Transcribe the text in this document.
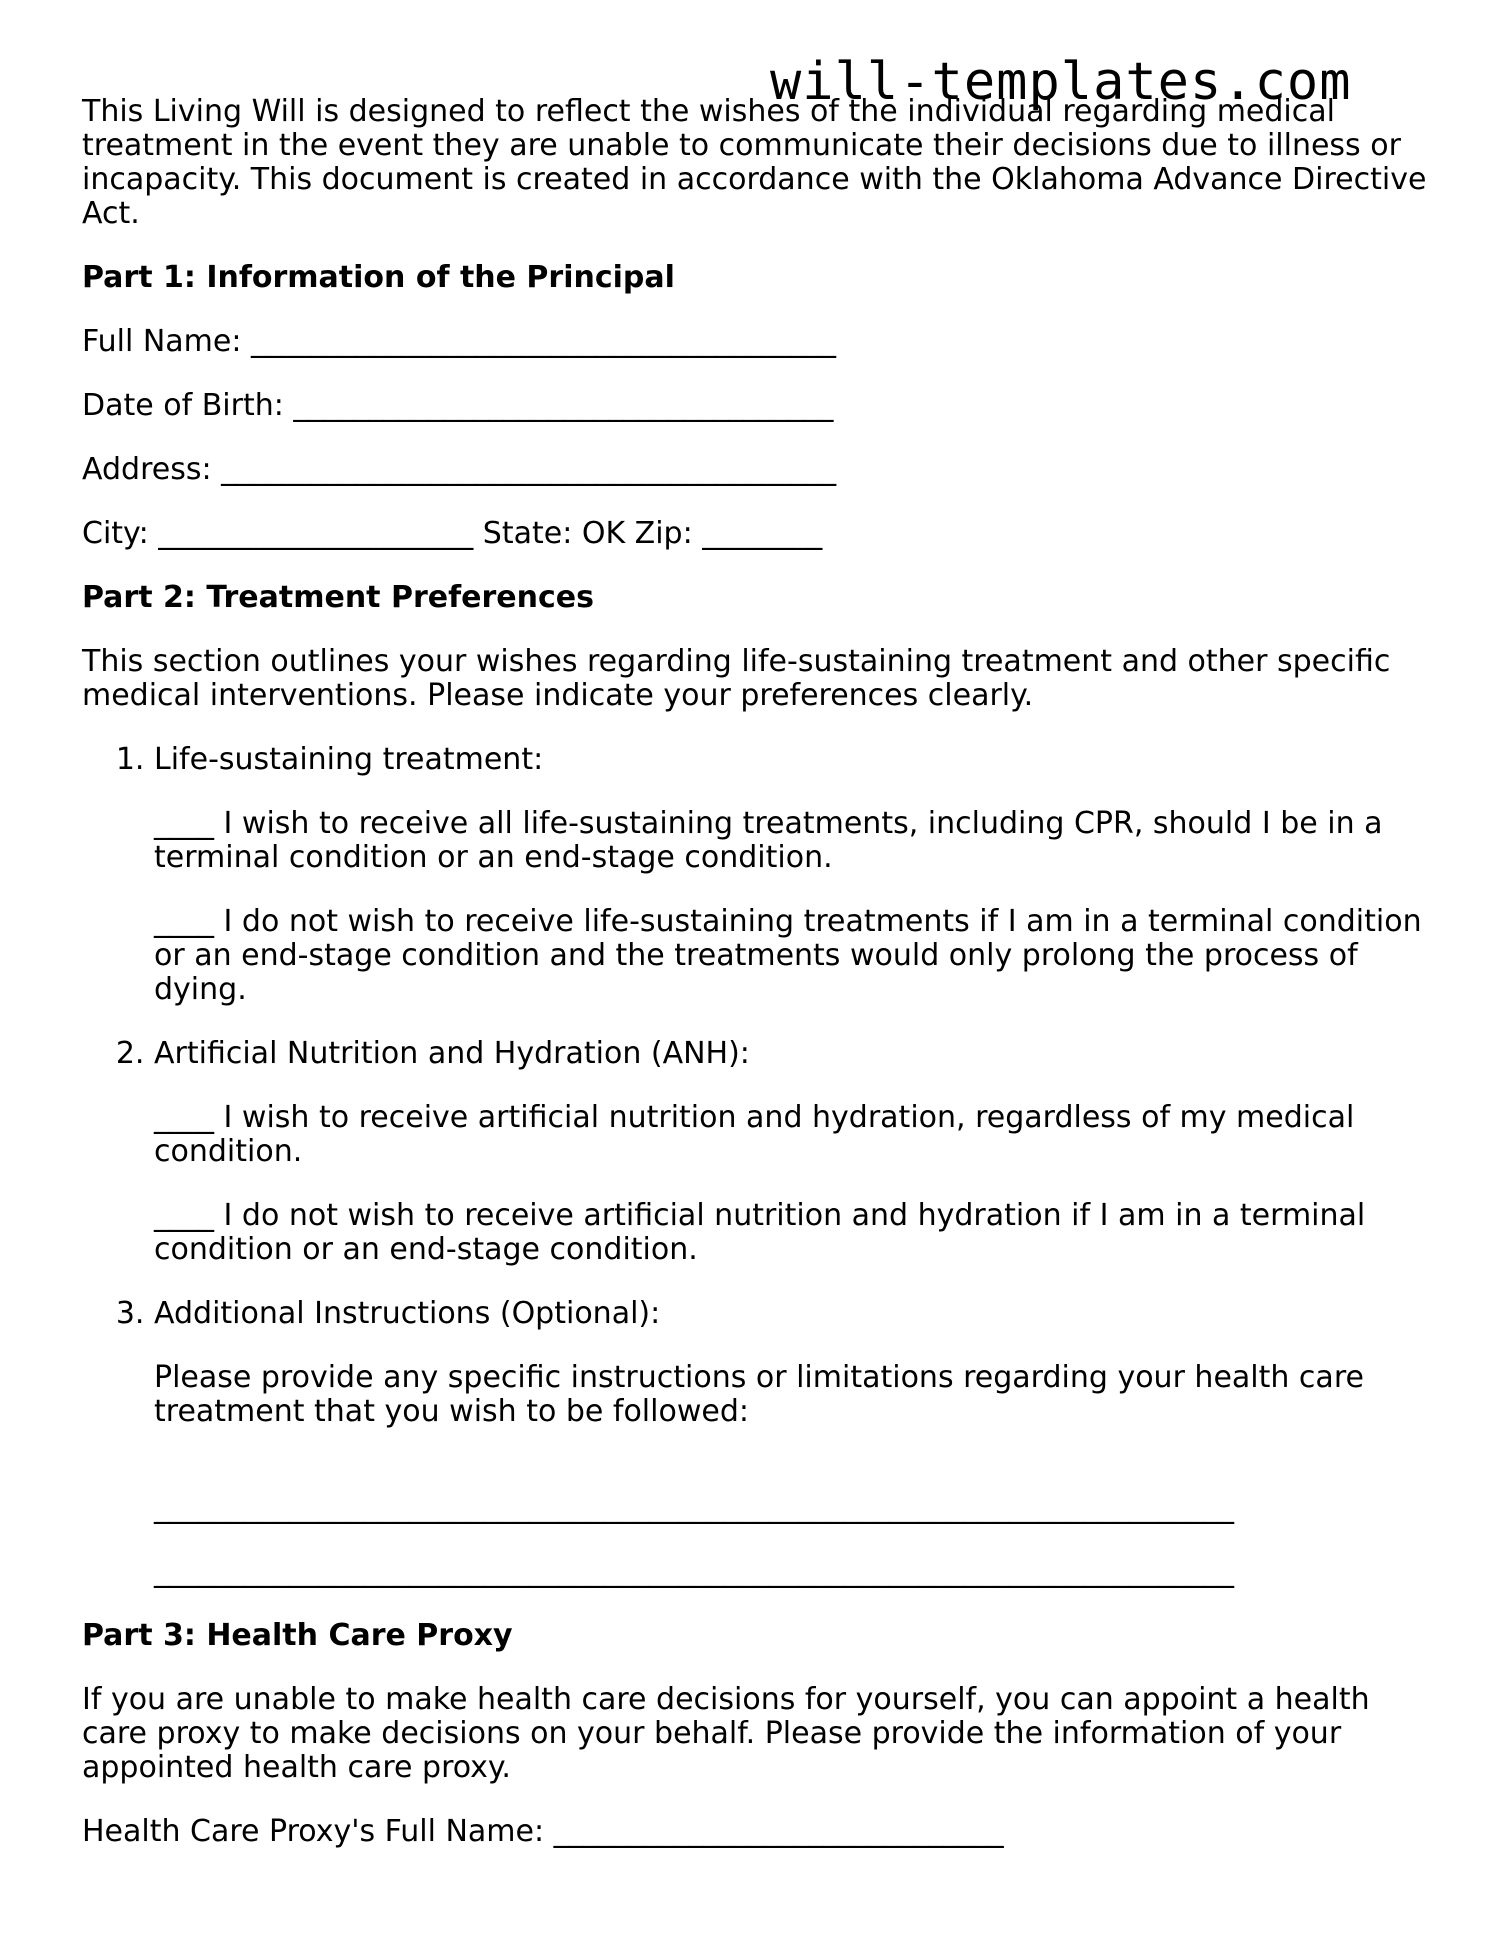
will-templates.com

This Living Will is designed to reflect the wishes of the individual regarding medical treatment in the event they are unable to communicate their decisions due to illness or incapacity. This document is created in accordance with the Oklahoma Advance Directive Act.

Part 1: Information of the Principal
Full Name: _______________________________________
Date of Birth: ____________________________________
Address: _________________________________________
City: _____________________ State: OK Zip: ________
Part 2: Treatment Preferences

This section outlines your wishes regarding life-sustaining treatment and other specific medical interventions. Please indicate your preferences clearly.

1. Life-sustaining treatment:

____ I wish to receive all life-sustaining treatments, including CPR, should I be in a terminal condition or an end-stage condition.

____ I do not wish to receive life-sustaining treatments if I am in a terminal condition or an end-stage condition and the treatments would only prolong the process of dying.

2. Artificial Nutrition and Hydration (ANH):

____ I wish to receive artificial nutrition and hydration, regardless of my medical condition.

____ I do not wish to receive artificial nutrition and hydration if I am in a terminal condition or an end-stage condition.

3. Additional Instructions (Optional):

Please provide any specific instructions or limitations regarding your health care treatment that you wish to be followed:

________________________________________________________________________
________________________________________________________________________
Part 3: Health Care Proxy

If you are unable to make health care decisions for yourself, you can appoint a health care proxy to make decisions on your behalf. Please provide the information of your appointed health care proxy.

Health Care Proxy's Full Name: ______________________________
